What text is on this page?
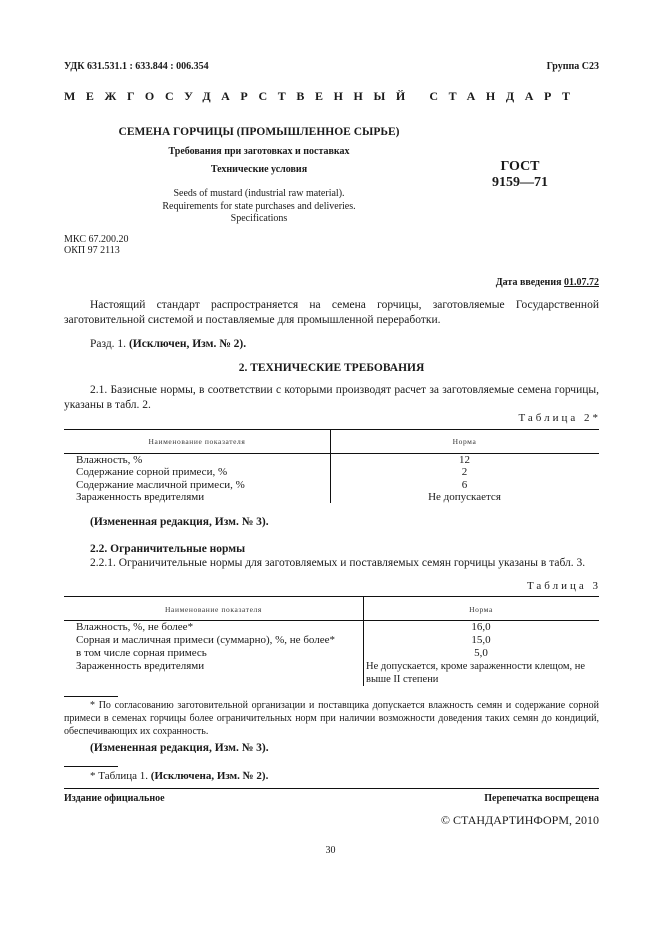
УДК 631.531.1 : 633.844 : 006.354	Группа С23
МЕЖГОСУДАРСТВЕННЫЙ СТАНДАРТ
СЕМЕНА ГОРЧИЦЫ (ПРОМЫШЛЕННОЕ СЫРЬЕ)
Требования при заготовках и поставках
Технические условия
Seeds of mustard (industrial raw material).
Requirements for state purchases and deliveries.
Specifications
ГОСТ
9159—71
МКС 67.200.20
ОКП 97 2113
Дата введения 01.07.72
Настоящий стандарт распространяется на семена горчицы, заготовляемые Государственной заготовительной системой и поставляемые для промышленной переработки.
Разд. 1. (Исключен, Изм. № 2).
2. ТЕХНИЧЕСКИЕ ТРЕБОВАНИЯ
2.1. Базисные нормы, в соответствии с которыми производят расчет за заготовляемые семена горчицы, указаны в табл. 2.
Таблица 2*
Наименование показателя	Норма
Влажность, %	12
Содержание сорной примеси, %	2
Содержание масличной примеси, %	6
Зараженность вредителями	Не допускается
(Измененная редакция, Изм. № 3).
2.2. Ограничительные нормы
2.2.1. Ограничительные нормы для заготовляемых и поставляемых семян горчицы указаны в табл. 3.
Таблица 3
Наименование показателя	Норма
Влажность, %, не более*	16,0
Сорная и масличная примеси (суммарно), %, не более*	15,0
в том числе сорная примесь	5,0
Зараженность вредителями	Не допускается, кроме зараженности клещом, не выше II степени
* По согласованию заготовительной организации и поставщика допускается влажность семян и содержание сорной примеси в семенах горчицы более ограничительных норм при наличии возможности доведения таких семян до кондиций, обеспечивающих их сохранность.
(Измененная редакция, Изм. № 3).
* Таблица 1. (Исключена, Изм. № 2).
Издание официальное	Перепечатка воспрещена
© СТАНДАРТИНФОРМ, 2010
30
